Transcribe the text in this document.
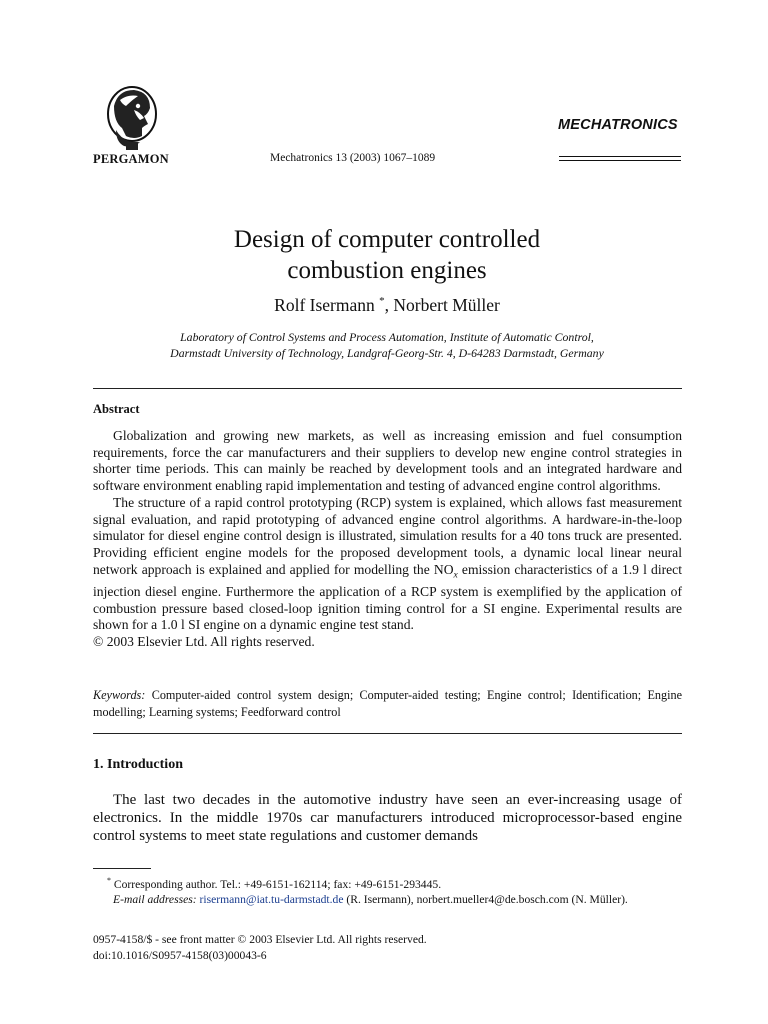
PERGAMON	Mechatronics 13 (2003) 1067–1089
MECHATRONICS
Design of computer controlled
combustion engines
Rolf Isermann *, Norbert Müller
Laboratory of Control Systems and Process Automation, Institute of Automatic Control,
Darmstadt University of Technology, Landgraf-Georg-Str. 4, D-64283 Darmstadt, Germany
Abstract

Globalization and growing new markets, as well as increasing emission and fuel consumption requirements, force the car manufacturers and their suppliers to develop new engine control strategies in shorter time periods. This can mainly be reached by development tools and an integrated hardware and software environment enabling rapid implementation and testing of advanced engine control algorithms.

The structure of a rapid control prototyping (RCP) system is explained, which allows fast measurement signal evaluation, and rapid prototyping of advanced engine control algorithms. A hardware-in-the-loop simulator for diesel engine control design is illustrated, simulation results for a 40 tons truck are presented. Providing efficient engine models for the proposed development tools, a dynamic local linear neural network approach is explained and applied for modelling the $NO_x$ emission characteristics of a 1.9 l direct injection diesel engine. Furthermore the application of a RCP system is exemplified by the application of combustion pressure based closed-loop ignition timing control for a SI engine. Experimental results are shown for a 1.0 l SI engine on a dynamic engine test stand.

© 2003 Elsevier Ltd. All rights reserved.

Keywords: Computer-aided control system design; Computer-aided testing; Engine control; Identification; Engine modelling; Learning systems; Feedforward control
1. Introduction

The last two decades in the automotive industry have seen an ever-increasing usage of electronics. In the middle 1970s car manufacturers introduced microprocessor-based engine control systems to meet state regulations and customer demands

* Corresponding author. Tel.: +49-6151-162114; fax: +49-6151-293445.

E-mail addresses: risermann@iat.tu-darmstadt.de (R. Isermann), norbert.mueller4@de.bosch.com (N. Müller).

0957-4158/$ - see front matter © 2003 Elsevier Ltd. All rights reserved.
doi:10.1016/S0957-4158(03)00043-6
